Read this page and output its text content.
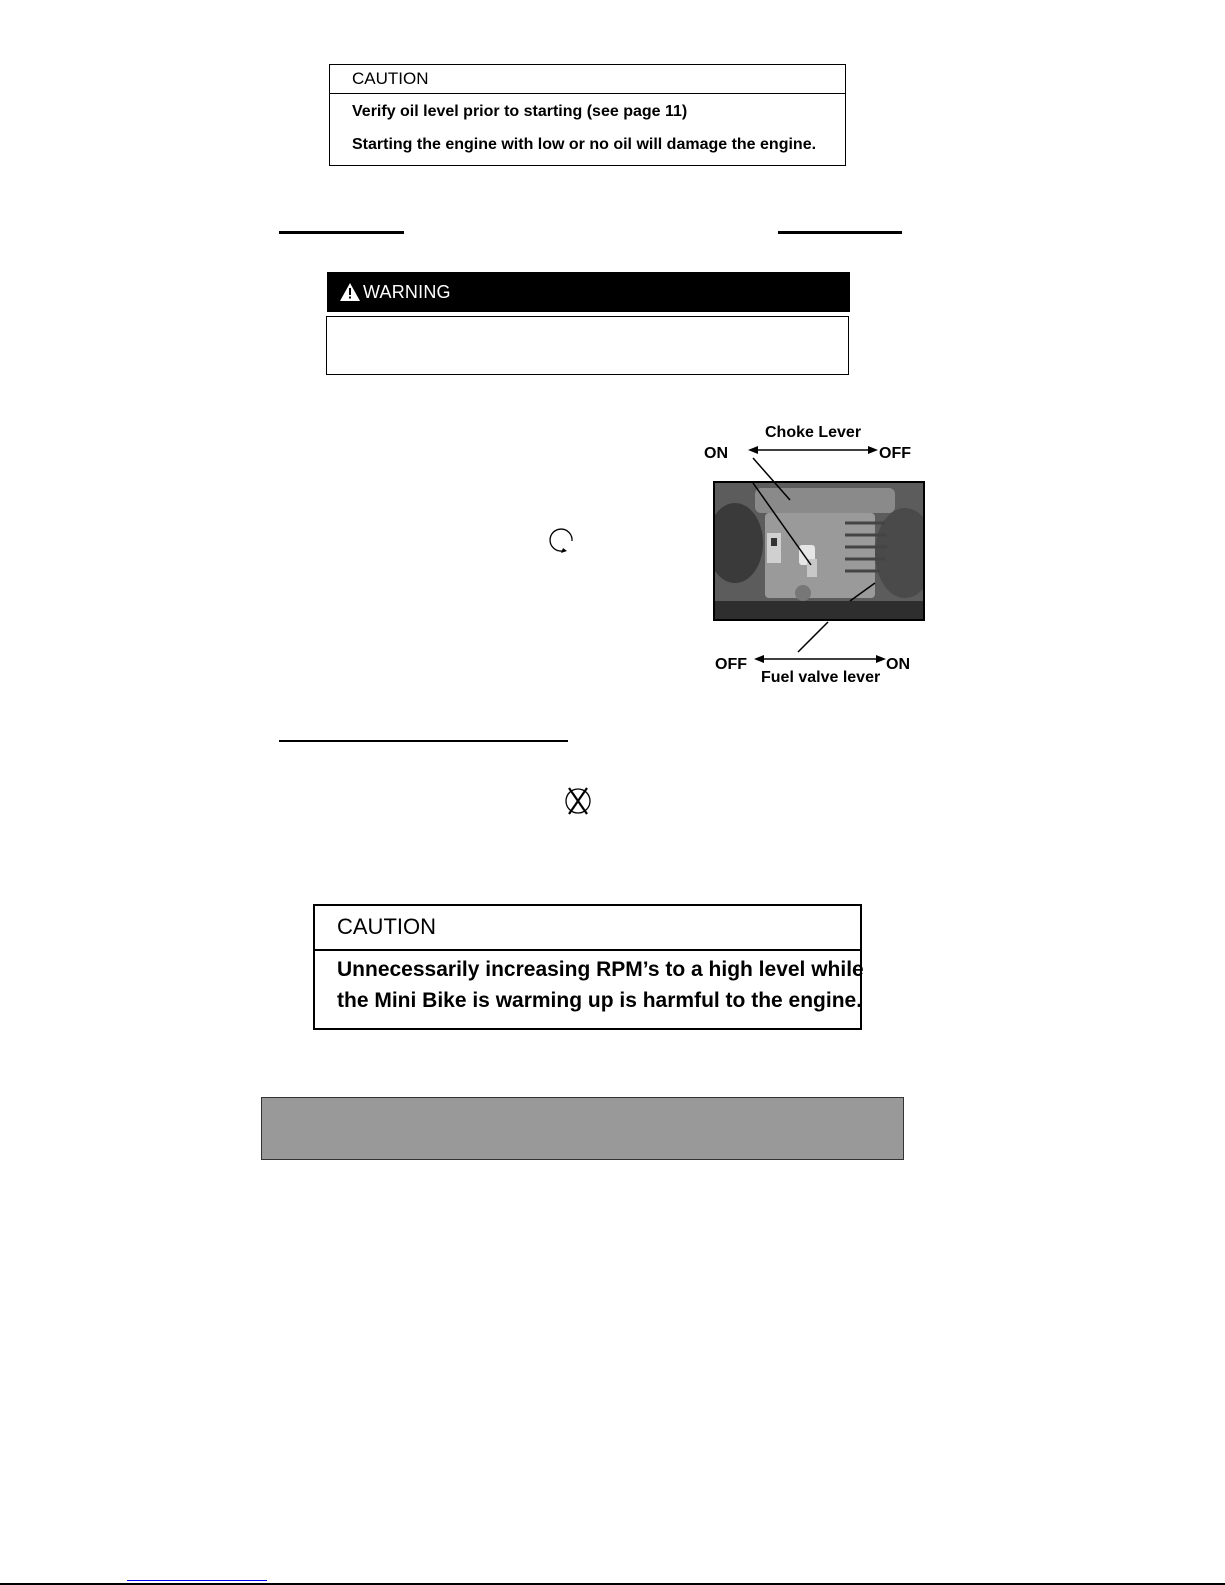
CAUTION
Verify oil level prior to starting (see page 11)
Starting the engine with low or no oil will damage the engine.
WARNING
Choke Lever
ON	OFF
OFF	ON
Fuel valve lever
CAUTION
Unnecessarily increasing RPM’s to a high level while
the Mini Bike is warming up is harmful to the engine.
